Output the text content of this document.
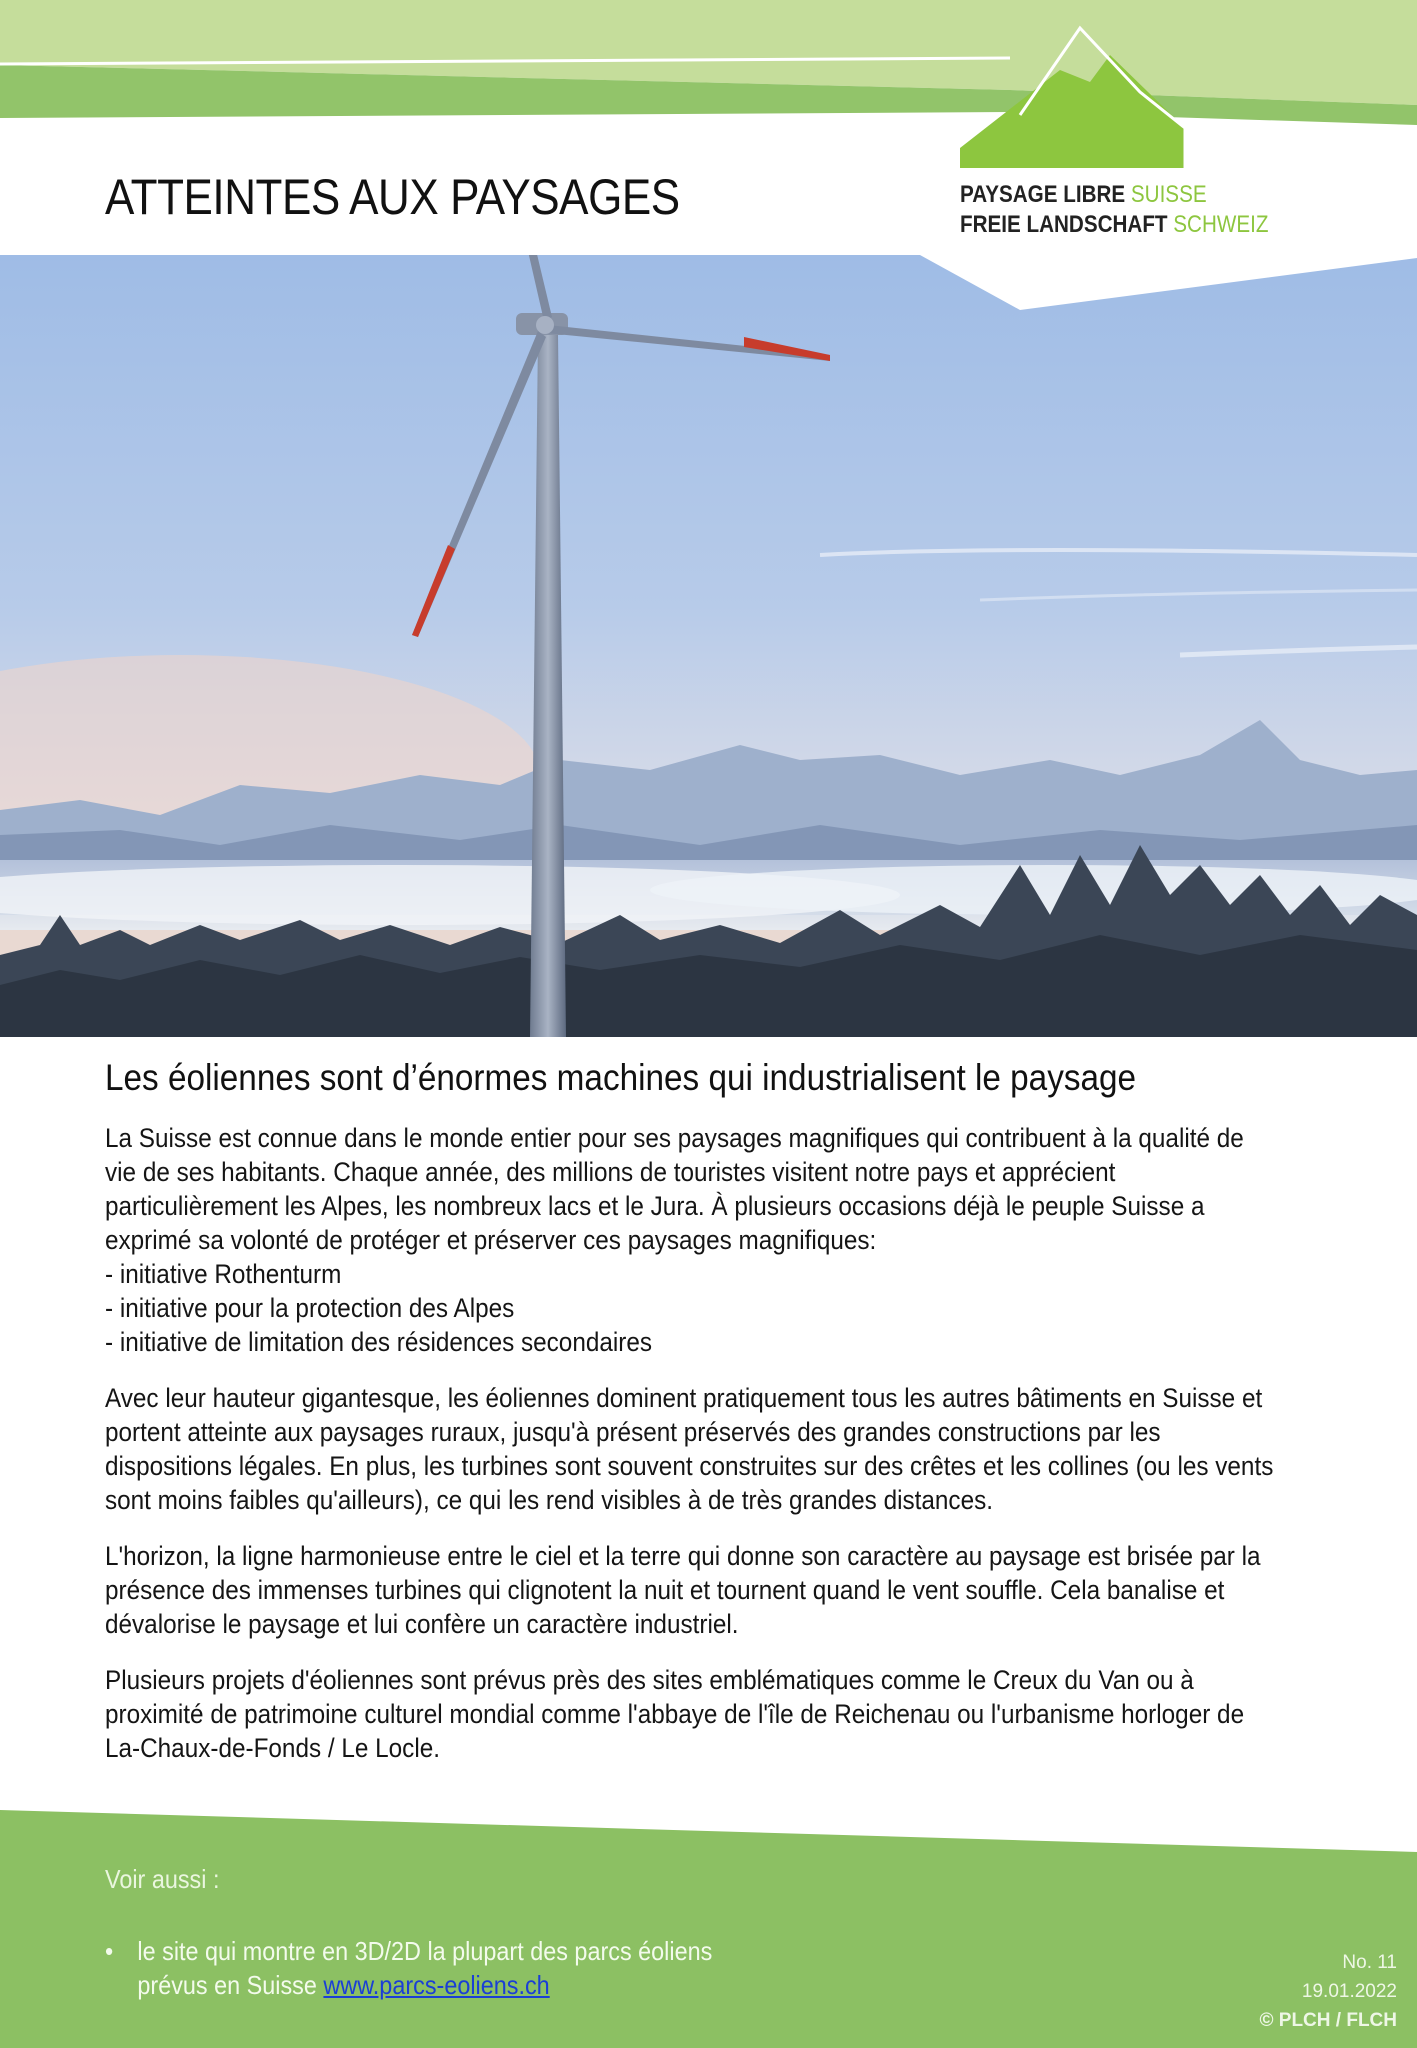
ATTEINTES AUX PAYSAGES	PAYSAGE LIBRE SUISSE
FREIE LANDSCHAFT SCHWEIZ
Les éoliennes sont d’énormes machines qui industrialisent le paysage

La Suisse est connue dans le monde entier pour ses paysages magnifiques qui contribuent à la qualité de vie de ses habitants. Chaque année, des millions de touristes visitent notre pays et apprécient particulièrement les Alpes, les nombreux lacs et le Jura. À plusieurs occasions déjà le peuple Suisse a exprimé sa volonté de protéger et préserver ces paysages magnifiques:
- initiative Rothenturm
- initiative pour la protection des Alpes
- initiative de limitation des résidences secondaires

Avec leur hauteur gigantesque, les éoliennes dominent pratiquement tous les autres bâtiments en Suisse et portent atteinte aux paysages ruraux, jusqu'à présent préservés des grandes constructions par les dispositions légales. En plus, les turbines sont souvent construites sur des crêtes et les collines (ou les vents sont moins faibles qu'ailleurs), ce qui les rend visibles à de très grandes distances.

L'horizon, la ligne harmonieuse entre le ciel et la terre qui donne son caractère au paysage est brisée par la présence des immenses turbines qui clignotent la nuit et tournent quand le vent souffle. Cela banalise et dévalorise le paysage et lui confère un caractère industriel.

Plusieurs projets d'éoliennes sont prévus près des sites emblématiques comme le Creux du Van ou à proximité de patrimoine culturel mondial comme l'abbaye de l'île de Reichenau ou l'urbanisme horloger de La-Chaux-de-Fonds / Le Locle.

Voir aussi :
• le site qui montre en 3D/2D la plupart des parcs éoliens
prévus en Suisse www.parcs-eoliens.ch
No. 11
19.01.2022
© PLCH / FLCH
